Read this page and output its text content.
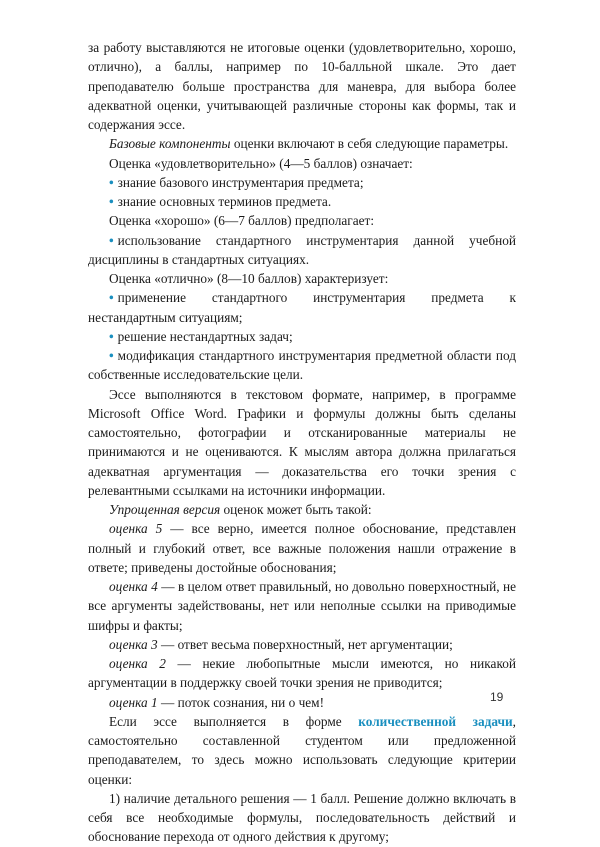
за работу выставляются не итоговые оценки (удовлетворительно, хорошо, отлично), а баллы, например по 10-балльной шкале. Это дает преподавателю больше пространства для маневра, для выбора более адекватной оценки, учитывающей различные стороны как формы, так и содержания эссе.

Базовые компоненты оценки включают в себя следующие параметры.

Оценка «удовлетворительно» (4—5 баллов) означает:

• знание базового инструментария предмета;

• знание основных терминов предмета.

Оценка «хорошо» (6—7 баллов) предполагает:

• использование стандартного инструментария данной учебной дисциплины в стандартных ситуациях.

Оценка «отлично» (8—10 баллов) характеризует:

• применение стандартного инструментария предмета к нестандартным ситуациям;

• решение нестандартных задач;

• модификация стандартного инструментария предметной области под собственные исследовательские цели.

Эссе выполняются в текстовом формате, например, в программе Microsoft Office Word. Графики и формулы должны быть сделаны самостоятельно, фотографии и отсканированные материалы не принимаются и не оцениваются. К мыслям автора должна прилагаться адекватная аргументация — доказательства его точки зрения с релевантными ссылками на источники информации.

Упрощенная версия оценок может быть такой:

оценка 5 — все верно, имеется полное обоснование, представлен полный и глубокий ответ, все важные положения нашли отражение в ответе; приведены достойные обоснования;

оценка 4 — в целом ответ правильный, но довольно поверхностный, не все аргументы задействованы, нет или неполные ссылки на приводимые шифры и факты;

оценка 3 — ответ весьма поверхностный, нет аргументации;

оценка 2 — некие любопытные мысли имеются, но никакой аргументации в поддержку своей точки зрения не приводится;

оценка 1 — поток сознания, ни о чем!

Если эссе выполняется в форме количественной задачи, самостоятельно составленной студентом или предложенной преподавателем, то здесь можно использовать следующие критерии оценки:

1) наличие детального решения — 1 балл. Решение должно включать в себя все необходимые формулы, последовательность действий и обоснование перехода от одного действия к другому;

19
